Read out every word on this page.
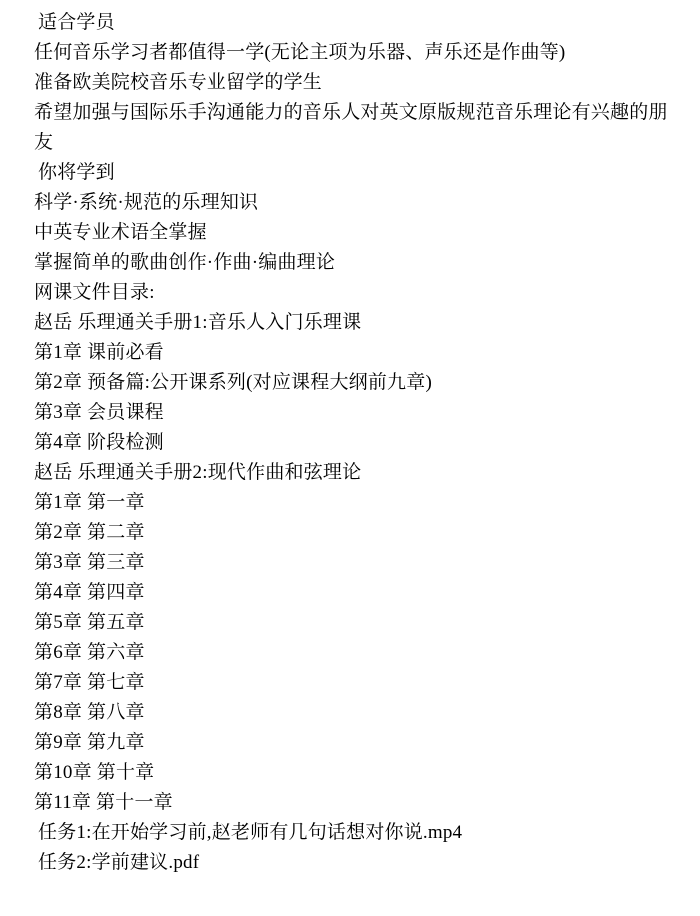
适合学员
任何音乐学习者都值得一学(无论主项为乐器、声乐还是作曲等)
准备欧美院校音乐专业留学的学生
希望加强与国际乐手沟通能力的音乐人对英文原版规范音乐理论有兴趣的朋友
你将学到
科学·系统·规范的乐理知识
中英专业术语全掌握
掌握简单的歌曲创作·作曲·编曲理论
网课文件目录:
赵岳 乐理通关手册1:音乐人入门乐理课
第1章 课前必看
第2章 预备篇:公开课系列(对应课程大纲前九章)
第3章 会员课程
第4章 阶段检测
赵岳 乐理通关手册2:现代作曲和弦理论
第1章 第一章
第2章 第二章
第3章 第三章
第4章 第四章
第5章 第五章
第6章 第六章
第7章 第七章
第8章 第八章
第9章 第九章
第10章 第十章
第11章 第十一章
任务1:在开始学习前,赵老师有几句话想对你说.mp4
任务2:学前建议.pdf
